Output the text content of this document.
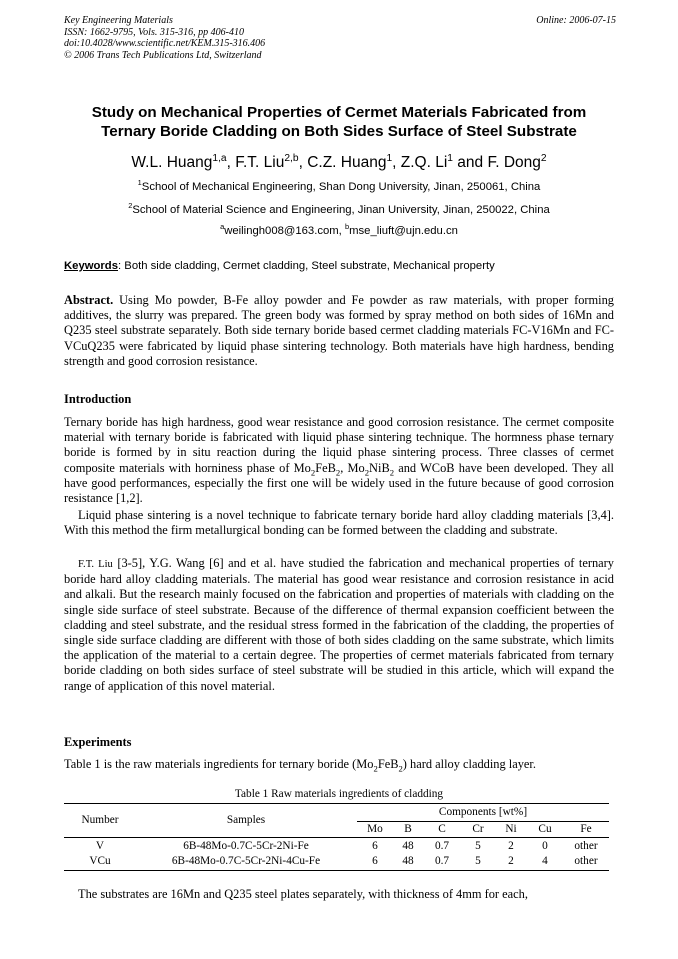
Key Engineering Materials
ISSN: 1662-9795, Vols. 315-316, pp 406-410
doi:10.4028/www.scientific.net/KEM.315-316.406
© 2006 Trans Tech Publications Ltd, Switzerland
Online: 2006-07-15
Study on Mechanical Properties of Cermet Materials Fabricated from
Ternary Boride Cladding on Both Sides Surface of Steel Substrate
W.L. Huang$^{1,a}$, F.T. Liu$^{2,b}$, C.Z. Huang$^1$, Z.Q. Li$^1$ and F. Dong$^2$
$^1$School of Mechanical Engineering, Shan Dong University, Jinan, 250061, China
$^2$School of Material Science and Engineering, Jinan University, Jinan, 250022, China
$^a$weilingh008@163.com, $^b$mse_liuft@ujn.edu.cn
Keywords: Both side cladding, Cermet cladding, Steel substrate, Mechanical property
Abstract. Using Mo powder, B-Fe alloy powder and Fe powder as raw materials, with proper forming additives, the slurry was prepared. The green body was formed by spray method on both sides of 16Mn and Q235 steel substrate separately. Both side ternary boride based cermet cladding materials FC-V16Mn and FC-VCuQ235 were fabricated by liquid phase sintering technology. Both materials have high hardness, bending strength and good corrosion resistance.
Introduction
Ternary boride has high hardness, good wear resistance and good corrosion resistance. The cermet composite material with ternary boride is fabricated with liquid phase sintering technique. The hormness phase ternary boride is formed by in situ reaction during the liquid phase sintering process. Three classes of cermet composite materials with horniness phase of $Mo_2FeB_2$, $Mo_2NiB_2$ and WCoB have been developed. They all have good performances, especially the first one will be widely used in the future because of good corrosion resistance [1,2].
Liquid phase sintering is a novel technique to fabricate ternary boride hard alloy cladding materials [3,4]. With this method the firm metallurgical bonding can be formed between the cladding and substrate.
F.T. Liu [3-5], Y.G. Wang [6] and et al. have studied the fabrication and mechanical properties of ternary boride hard alloy cladding materials. The material has good wear resistance and corrosion resistance in acid and alkali. But the research mainly focused on the fabrication and properties of materials with cladding on the single side surface of steel substrate. Because of the difference of thermal expansion coefficient between the cladding and steel substrate, and the residual stress formed in the fabrication of the cladding, the properties of single side surface cladding are different with those of both sides cladding on the same substrate, which limits the application of the material to a certain degree. The properties of cermet materials fabricated from ternary boride cladding on both sides surface of steel substrate will be studied in this article, which will expand the range of application of this novel material.
Experiments
Table 1 is the raw materials ingredients for ternary boride $(Mo_2FeB_2)$ hard alloy cladding layer.
Table 1 Raw materials ingredients of cladding
Number	Samples
Components [wt%]
Mo	B	C	Cr	Ni	Cu	Fe
V	6B-48Mo-0.7C-5Cr-2Ni-Fe	6	48	0.7	5	2	0	other
VCu	6B-48Mo-0.7C-5Cr-2Ni-4Cu-Fe	6	48	0.7	5	2	4	other
The substrates are 16Mn and Q235 steel plates separately, with thickness of 4mm for each,
